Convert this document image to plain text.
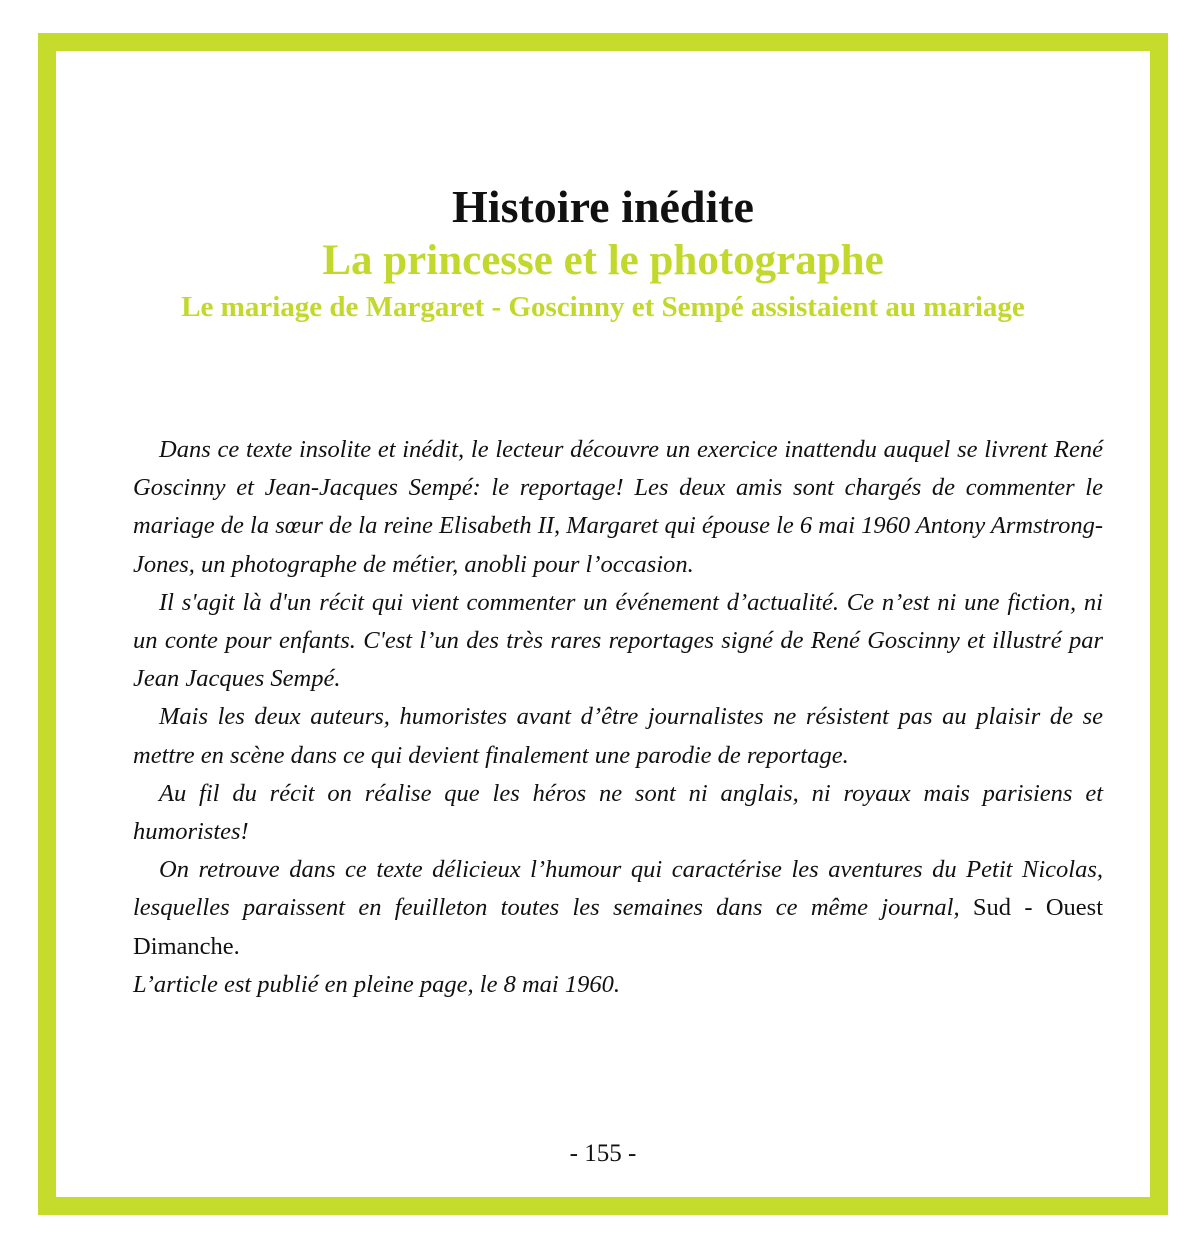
Histoire inédite
La princesse et le photographe
Le mariage de Margaret - Goscinny et Sempé assistaient au mariage

Dans ce texte insolite et inédit, le lecteur découvre un exercice inattendu auquel se livrent René Goscinny et Jean-Jacques Sempé: le reportage! Les deux amis sont chargés de commenter le mariage de la sœur de la reine Elisabeth II, Margaret qui épouse le 6 mai 1960 Antony Armstrong-Jones, un photographe de métier, anobli pour l’occasion.

Il s'agit là d'un récit qui vient commenter un événement d’actualité. Ce n’est ni une fiction, ni un conte pour enfants. C'est l’un des très rares reportages signé de René Goscinny et illustré par Jean Jacques Sempé.

Mais les deux auteurs, humoristes avant d’être journalistes ne résistent pas au plaisir de se mettre en scène dans ce qui devient finalement une parodie de reportage.

Au fil du récit on réalise que les héros ne sont ni anglais, ni royaux mais parisiens et humoristes!

On retrouve dans ce texte délicieux l’humour qui caractérise les aventures du Petit Nicolas, lesquelles paraissent en feuilleton toutes les semaines dans ce même journal, Sud - Ouest Dimanche.

L’article est publié en pleine page, le 8 mai 1960.

- 155 -
